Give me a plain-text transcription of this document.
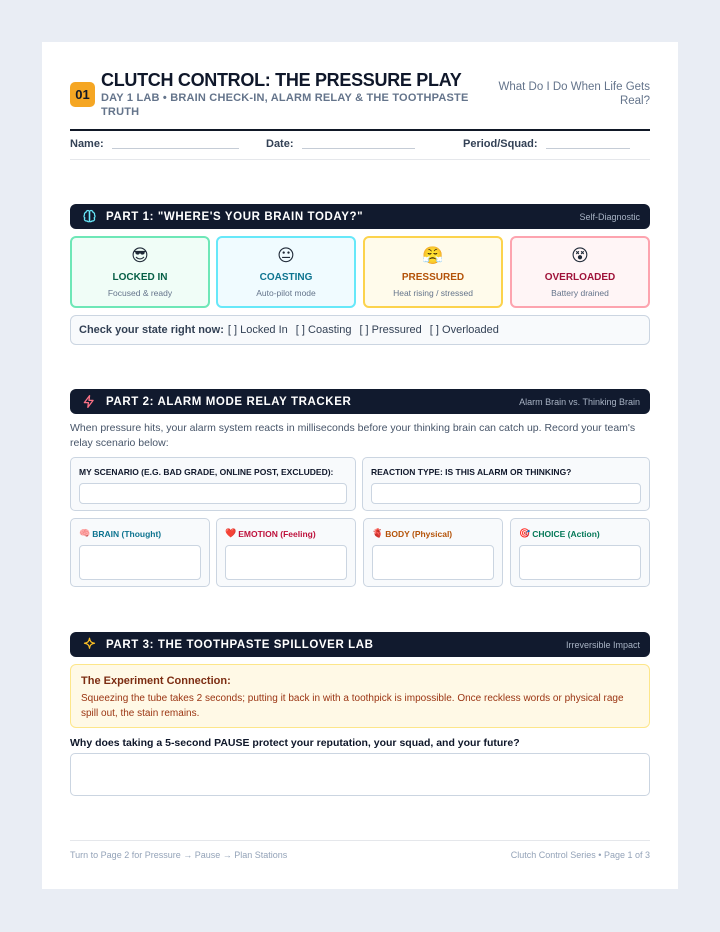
01
CLUTCH CONTROL: THE PRESSURE PLAY
DAY 1 LAB • BRAIN CHECK-IN, ALARM RELAY & THE TOOTHPASTE TRUTH
What Do I Do When Life Gets Real?
Name:	Date:	Period/Squad:
PART 1: "WHERE'S YOUR BRAIN TODAY?"	Self-Diagnostic
😎
LOCKED IN
Focused & ready
😐
COASTING
Auto-pilot mode
😤
PRESSURED
Heat rising / stressed
😵
OVERLOADED
Battery drained
Check your state right now: [ ] Locked In [ ] Coasting [ ] Pressured [ ] Overloaded
PART 2: ALARM MODE RELAY TRACKER	Alarm Brain vs. Thinking Brain
When pressure hits, your alarm system reacts in milliseconds before your thinking brain can catch up. Record your team's relay scenario below:
MY SCENARIO (E.G. BAD GRADE, ONLINE POST, EXCLUDED):	REACTION TYPE: IS THIS ALARM OR THINKING?
🧠 BRAIN (Thought)	❤️ EMOTION (Feeling)	🫀 BODY (Physical)	🎯 CHOICE (Action)
PART 3: THE TOOTHPASTE SPILLOVER LAB	Irreversible Impact
The Experiment Connection:
Squeezing the tube takes 2 seconds; putting it back in with a toothpick is impossible. Once reckless words or physical rage spill out, the stain remains.
Why does taking a 5-second PAUSE protect your reputation, your squad, and your future?
Turn to Page 2 for Pressure → Pause → Plan Stations	Clutch Control Series • Page 1 of 3
